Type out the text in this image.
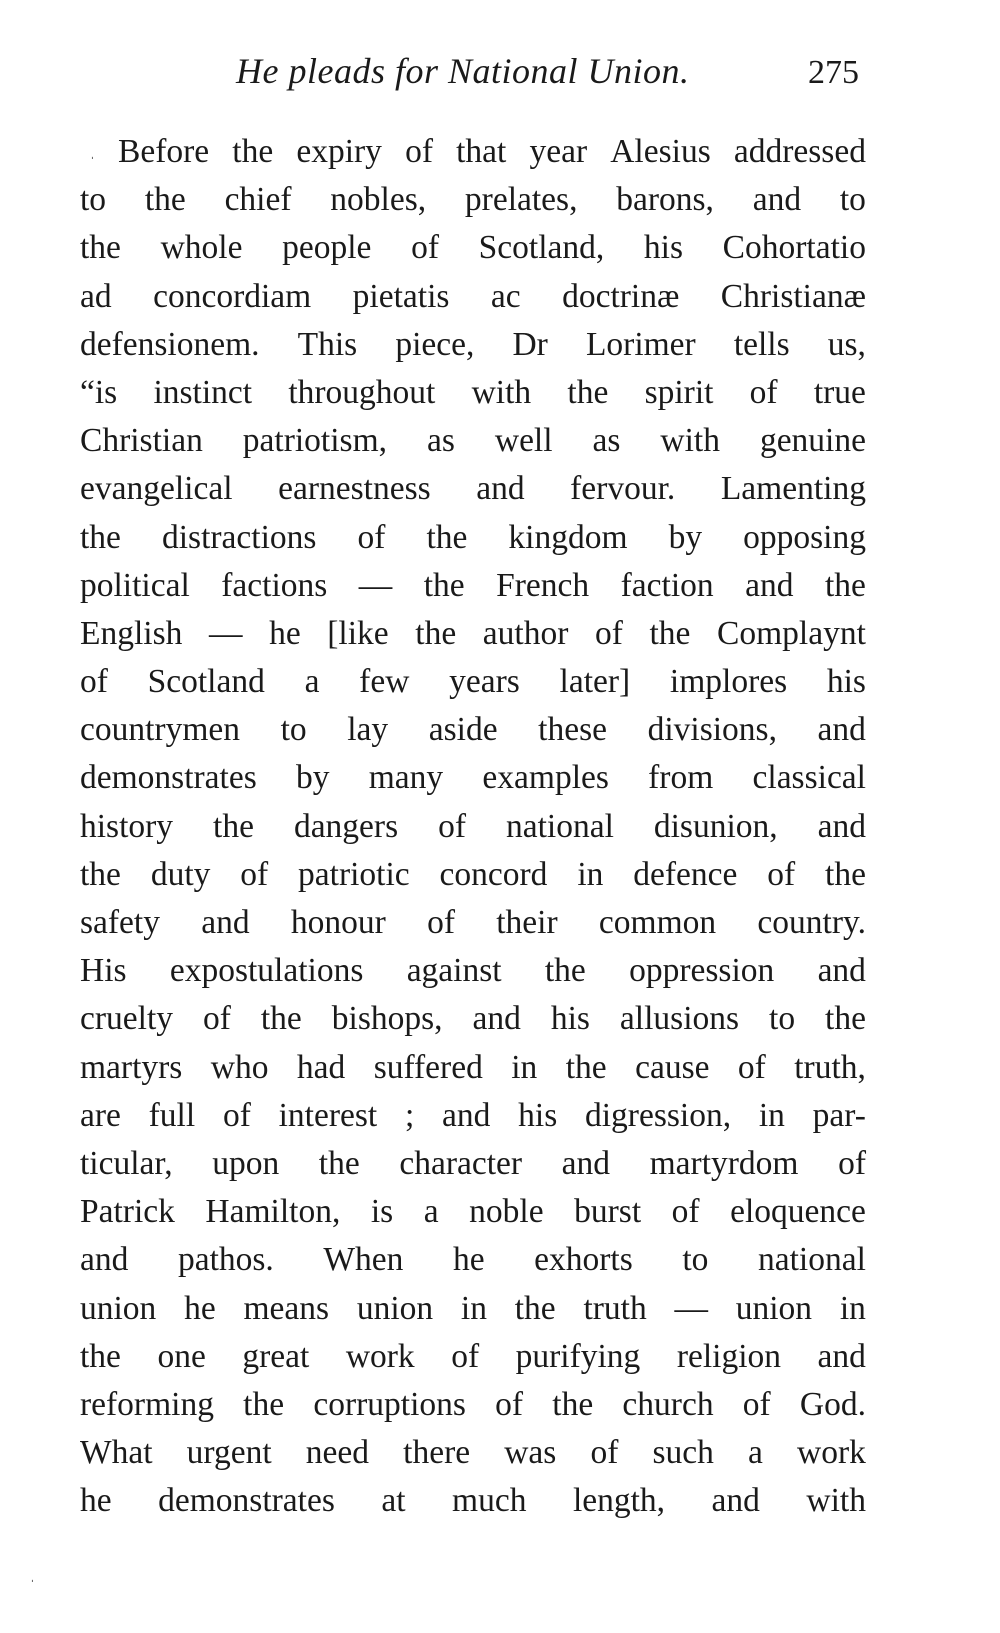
He pleads for National Union.	275
ˌ Before the expiry of that year Alesius addressed
to the chief nobles, prelates, barons, and to
the whole people of Scotland, his Cohortatio
ad concordiam pietatis ac doctrinæ Christianæ
defensionem. This piece, Dr Lorimer tells us,
“is instinct throughout with the spirit of true
Christian patriotism, as well as with genuine
evangelical earnestness and fervour. Lamenting
the distractions of the kingdom by opposing
political factions — the French faction and the
English — he [like the author of the Complaynt
of Scotland a few years later] implores his
countrymen to lay aside these divisions, and
demonstrates by many examples from classical
history the dangers of national disunion, and
the duty of patriotic concord in defence of the
safety and honour of their common country.
His expostulations against the oppression and
cruelty of the bishops, and his allusions to the
martyrs who had suffered in the cause of truth,
are full of interest ; and his digression, in par-
ticular, upon the character and martyrdom of
Patrick Hamilton, is a noble burst of eloquence
and pathos. When he exhorts to national
union he means union in the truth — union in
the one great work of purifying religion and
reforming the corruptions of the church of God.
What urgent need there was of such a work
he demonstrates at much length, and with
ˌ
